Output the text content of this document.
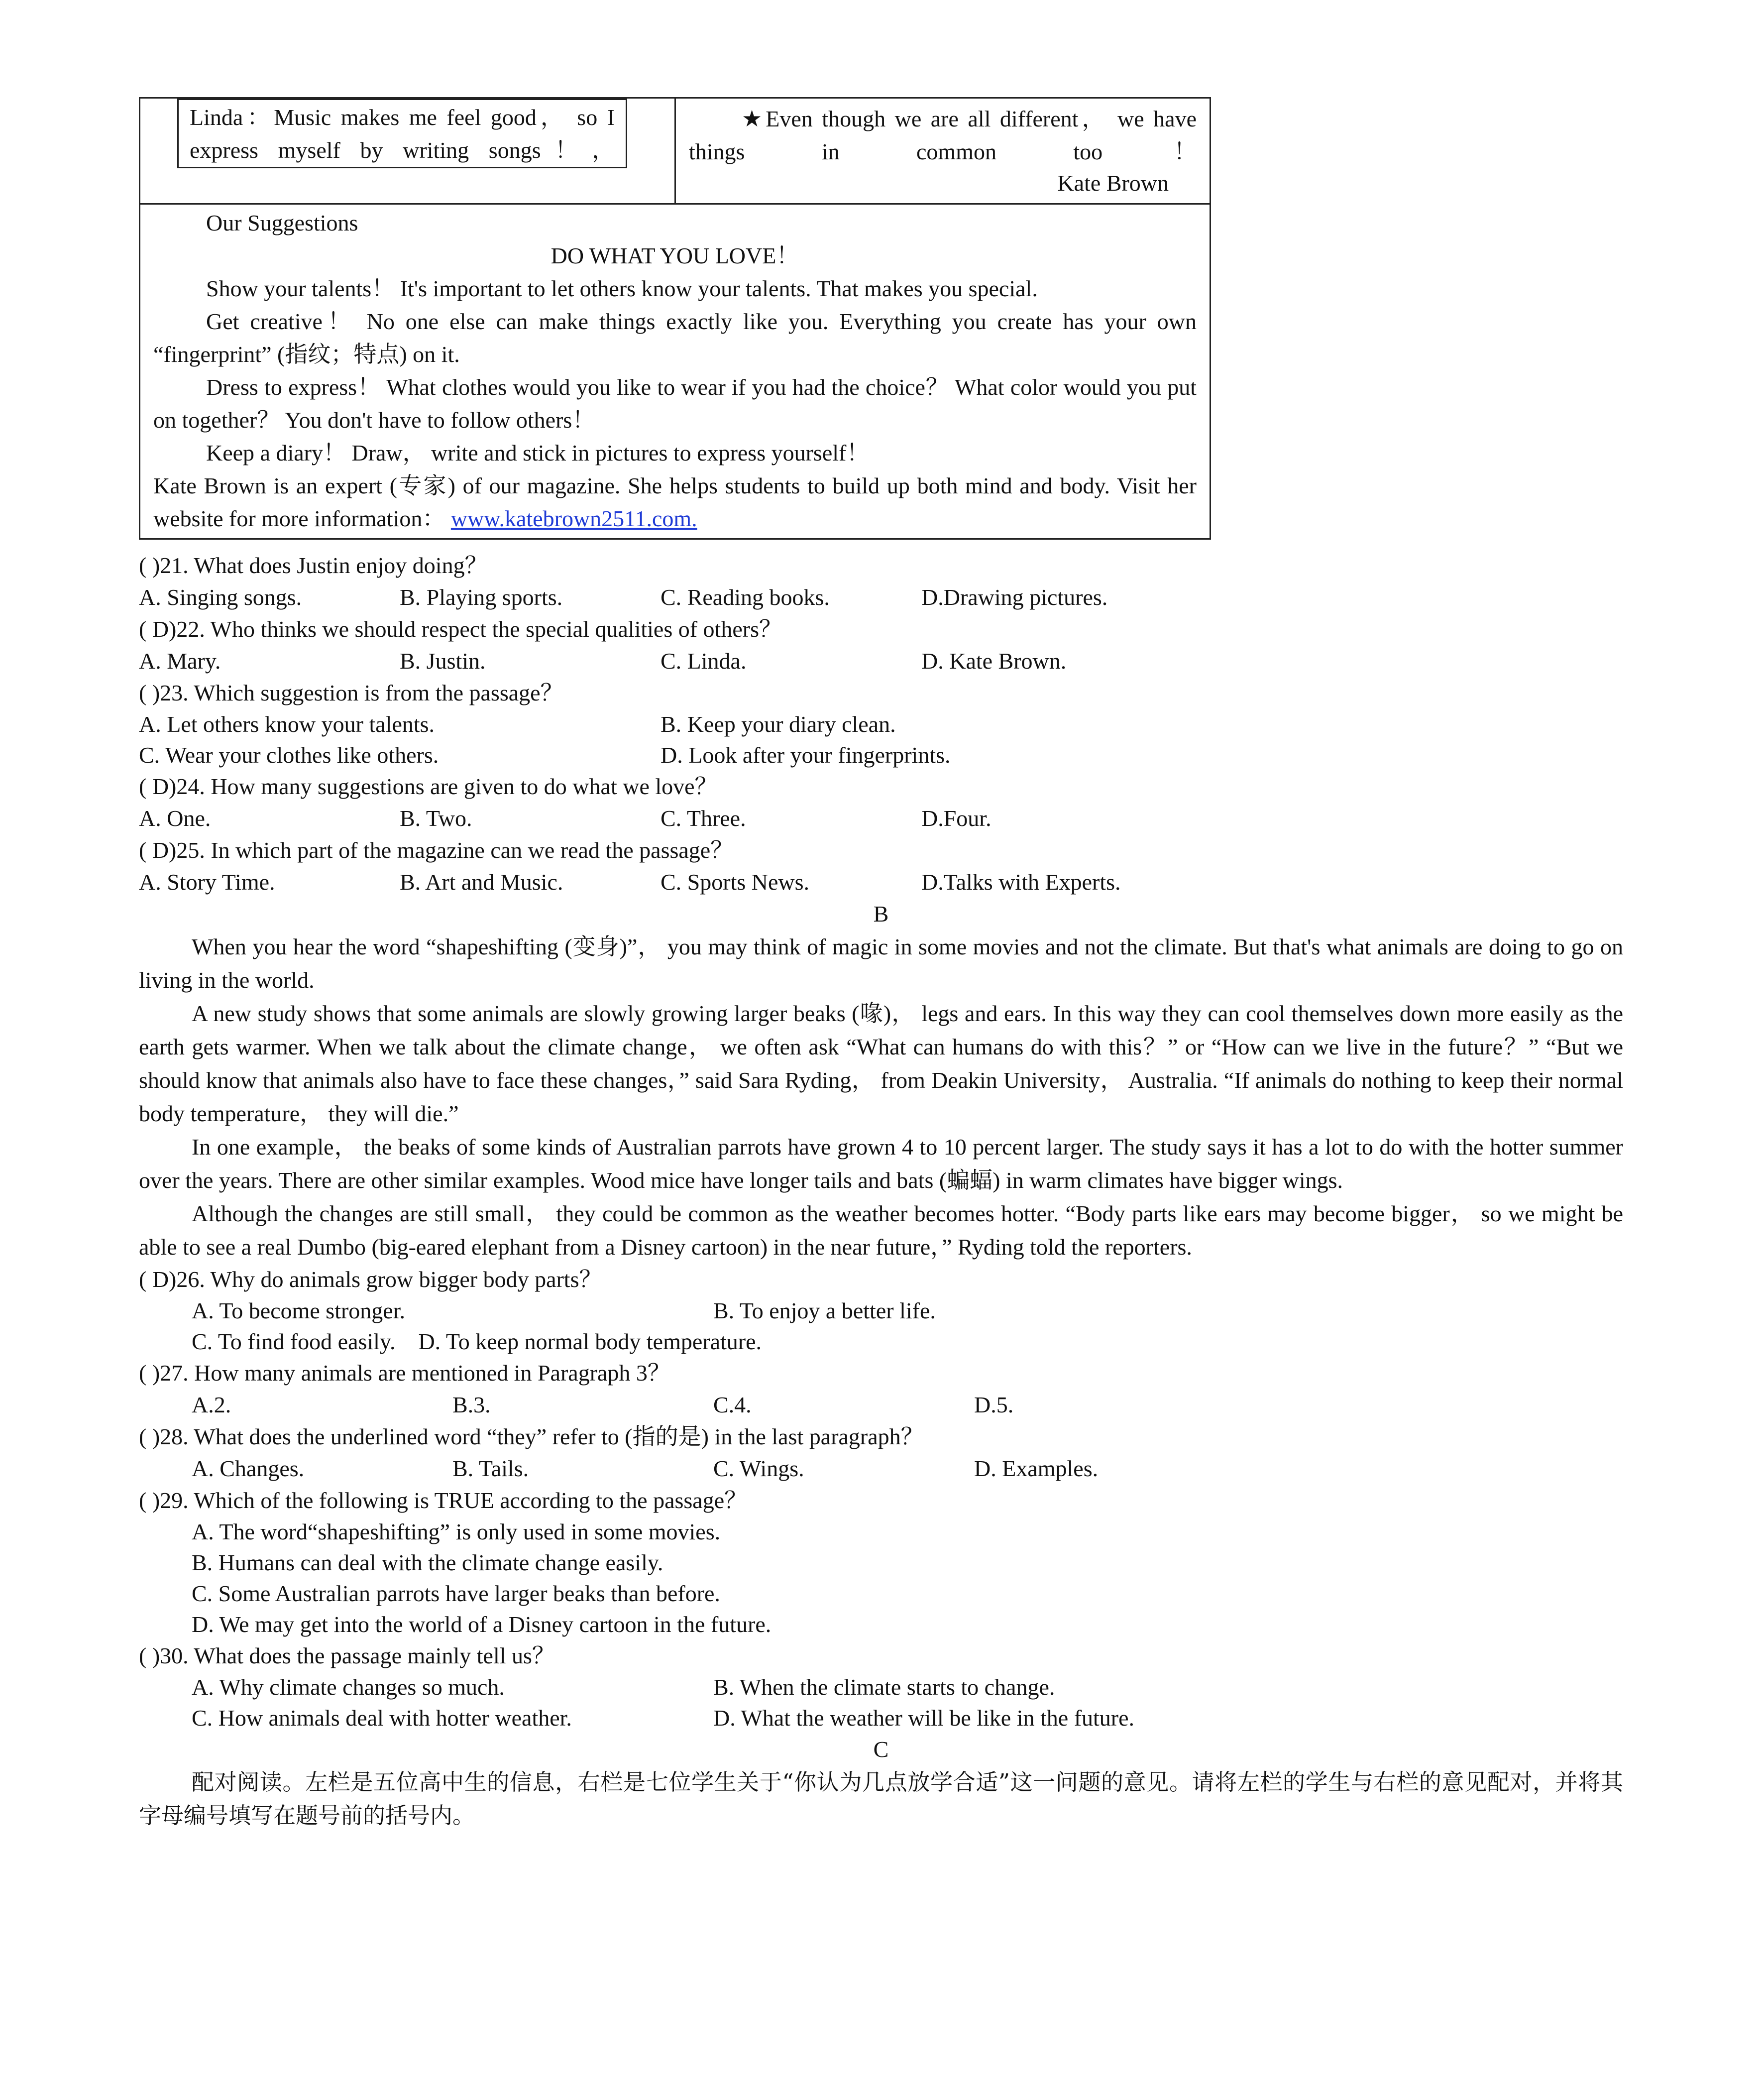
Linda：Music makes me feel good， so I express myself by writing songs！，
★Even though we are all different， we have things in common too！
Kate Brown
Our Suggestions
DO WHAT YOU LOVE！
Show your talents！ It's important to let others know your talents. That makes you special.
Get creative！ No one else can make things exactly like you. Everything you create has your own “fingerprint” (指纹；特点) on it.
Dress to express！ What clothes would you like to wear if you had the choice？ What color would you put on together？ You don't have to follow others！
Keep a diary！ Draw， write and stick in pictures to express yourself！
Kate Brown is an expert (专家) of our magazine. She helps students to build up both mind and body. Visit her website for more information： www.katebrown2511.com.
( )21. What does Justin enjoy doing？
A. Singing songs.	B. Playing sports.	C. Reading books.	D.Drawing pictures.
( D)22. Who thinks we should respect the special qualities of others？
A. Mary.	B. Justin.	C. Linda.	D. Kate Brown.
( )23. Which suggestion is from the passage？
A. Let others know your talents.	B. Keep your diary clean.
C. Wear your clothes like others.	D. Look after your fingerprints.
( D)24. How many suggestions are given to do what we love？
A. One.	B. Two.	C. Three.	D.Four.
( D)25. In which part of the magazine can we read the passage？
A. Story Time.	B. Art and Music.	C. Sports News.	D.Talks with Experts.
B

When you hear the word “shapeshifting (变身)”， you may think of magic in some movies and not the climate. But that's what animals are doing to go on living in the world.

A new study shows that some animals are slowly growing larger beaks (喙)， legs and ears. In this way they can cool themselves down more easily as the earth gets warmer. When we talk about the climate change， we often ask “What can humans do with this？” or “How can we live in the future？” “But we should know that animals also have to face these changes，” said Sara Ryding， from Deakin University， Australia. “If animals do nothing to keep their normal body temperature， they will die.”

In one example， the beaks of some kinds of Australian parrots have grown 4 to 10 percent larger. The study says it has a lot to do with the hotter summer over the years. There are other similar examples. Wood mice have longer tails and bats (蝙蝠) in warm climates have bigger wings.

Although the changes are still small， they could be common as the weather becomes hotter. “Body parts like ears may become bigger， so we might be able to see a real Dumbo (big-eared elephant from a Disney cartoon) in the near future，” Ryding told the reporters.

( D)26. Why do animals grow bigger body parts？
A. To become stronger.	B. To enjoy a better life.
C. To find food easily.    D. To keep normal body temperature.
( )27. How many animals are mentioned in Paragraph 3？
A.2.	B.3.	C.4.	D.5.
( )28. What does the underlined word “they” refer to (指的是) in the last paragraph？
A. Changes.	B. Tails.	C. Wings.	D. Examples.
( )29. Which of the following is TRUE according to the passage？
A. The word“shapeshifting” is only used in some movies.
B. Humans can deal with the climate change easily.
C. Some Australian parrots have larger beaks than before.
D. We may get into the world of a Disney cartoon in the future.
( )30. What does the passage mainly tell us？
A. Why climate changes so much.	B. When the climate starts to change.
C. How animals deal with hotter weather.	D. What the weather will be like in the future.
C

配对阅读。左栏是五位高中生的信息，右栏是七位学生关于“你认为几点放学合适”这一问题的意见。请将左栏的学生与右栏的意见配对，并将其字母编号填写在题号前的括号内。
